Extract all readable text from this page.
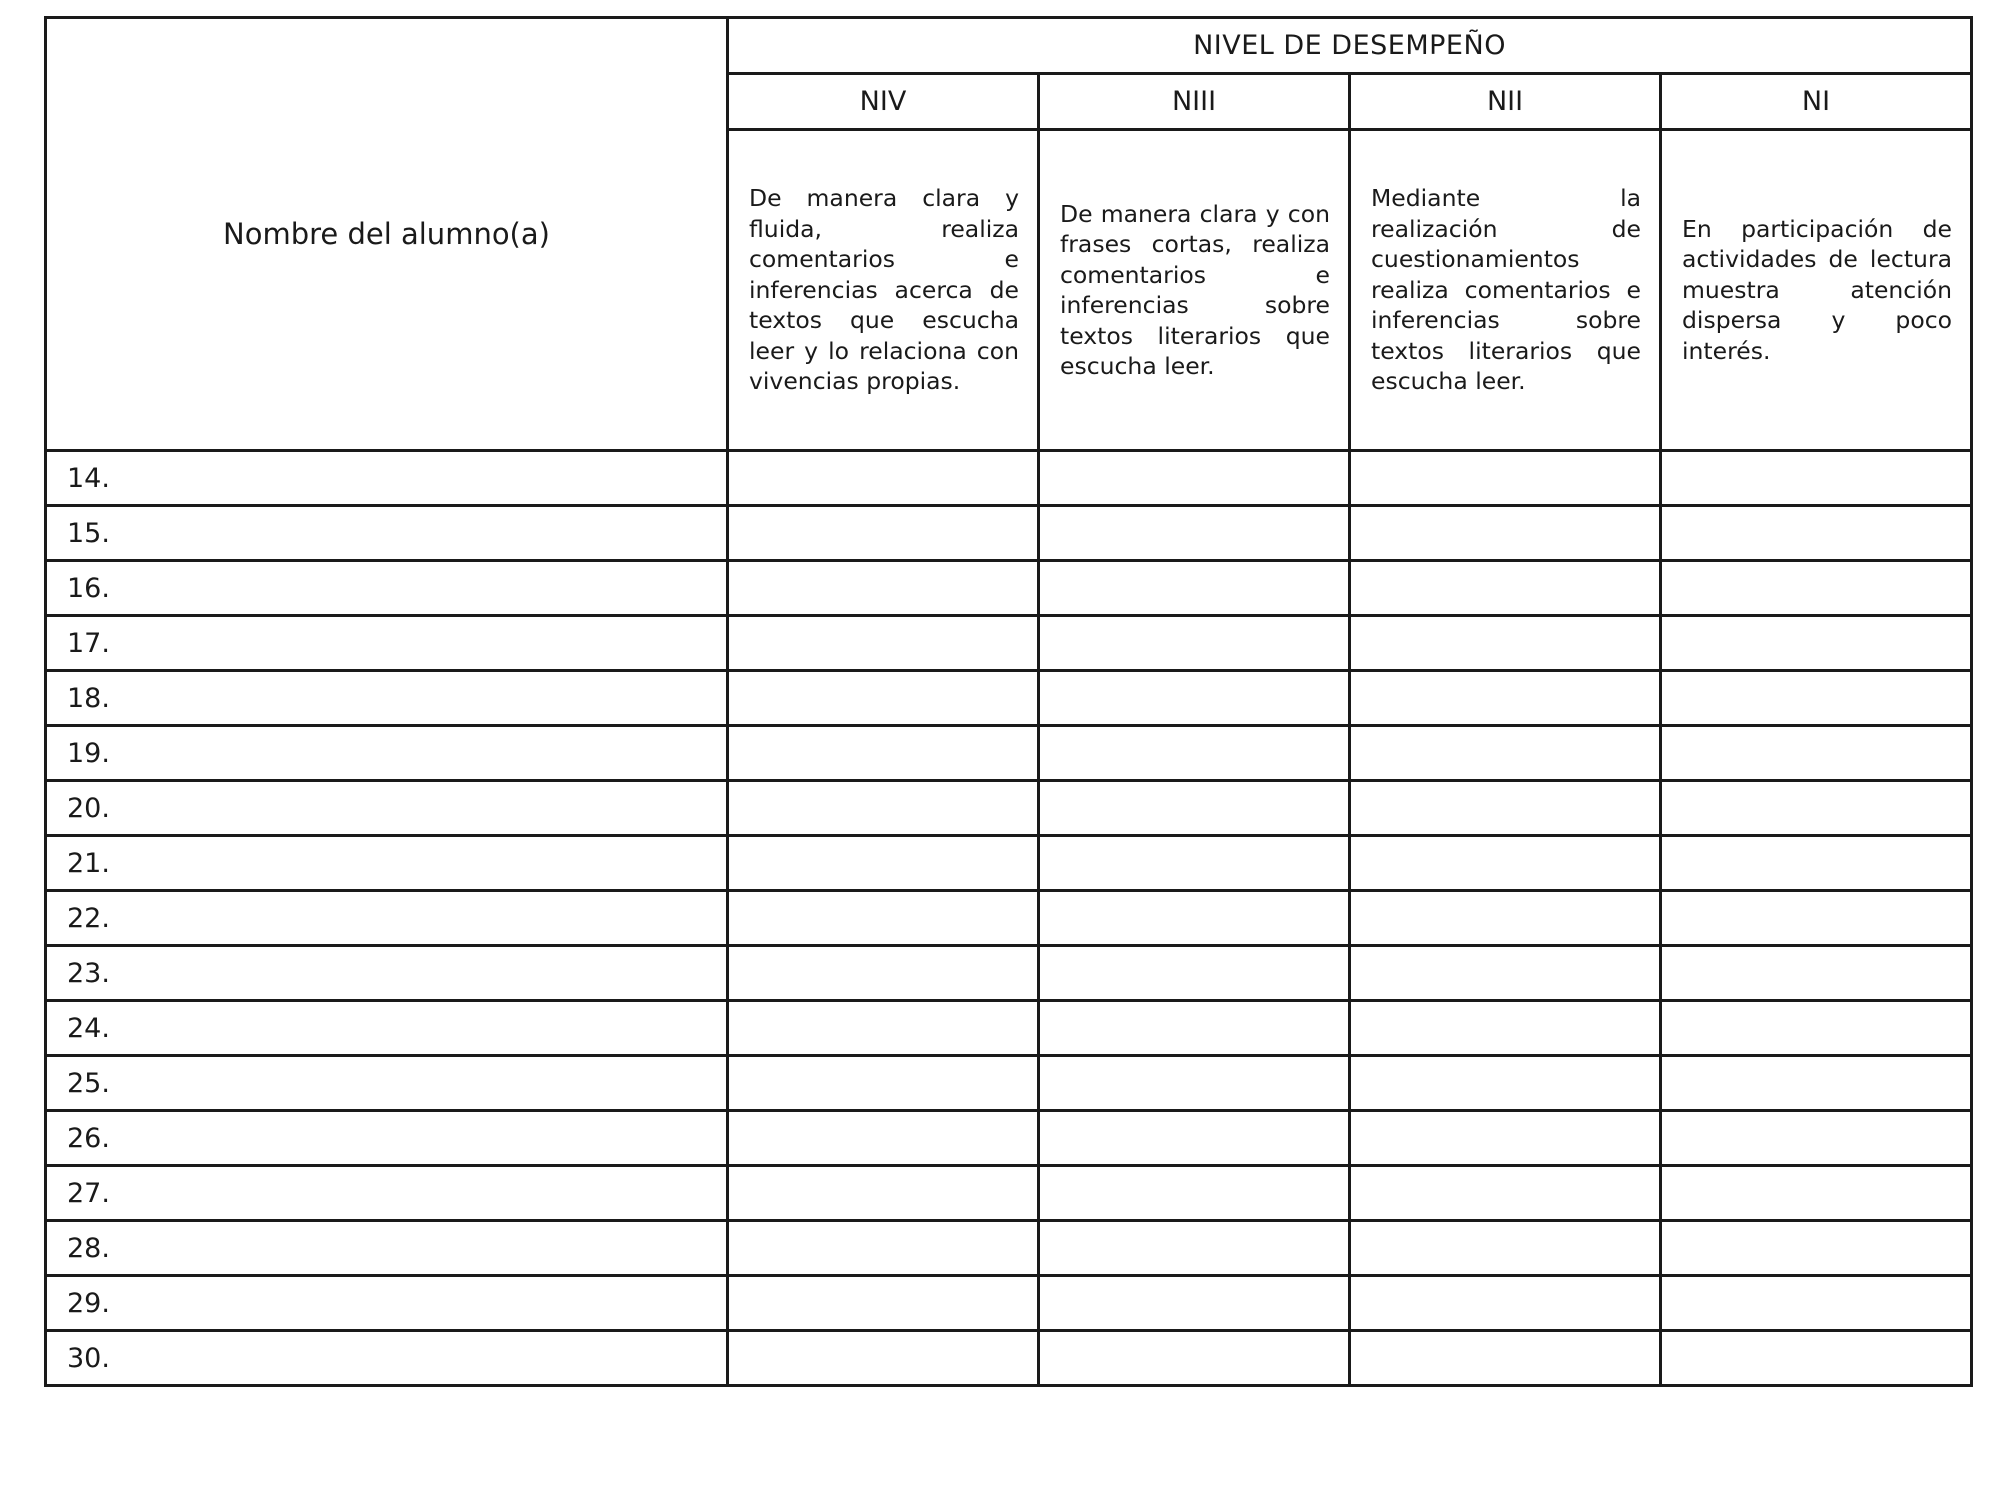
Nombre del alumno(a)	NIVEL DE DESEMPEÑO			
	NIV	NIII	NII	NI

	De manera clara y fluida, realiza comentarios e inferencias acerca de textos que escucha leer y lo relaciona con vivencias propias.	De manera clara y con frases cortas, realiza comentarios e inferencias sobre textos literarios que escucha leer.	Mediante la realización de cuestionamientos realiza comentarios e inferencias sobre textos literarios que escucha leer.	En participación de actividades de lectura muestra atención dispersa y poco interés.

14.				
15.				
16.				
17.				
18.				
19.				
20.				
21.				
22.				
23.				
24.				
25.				
26.				
27.				
28.				
29.				
30.				
